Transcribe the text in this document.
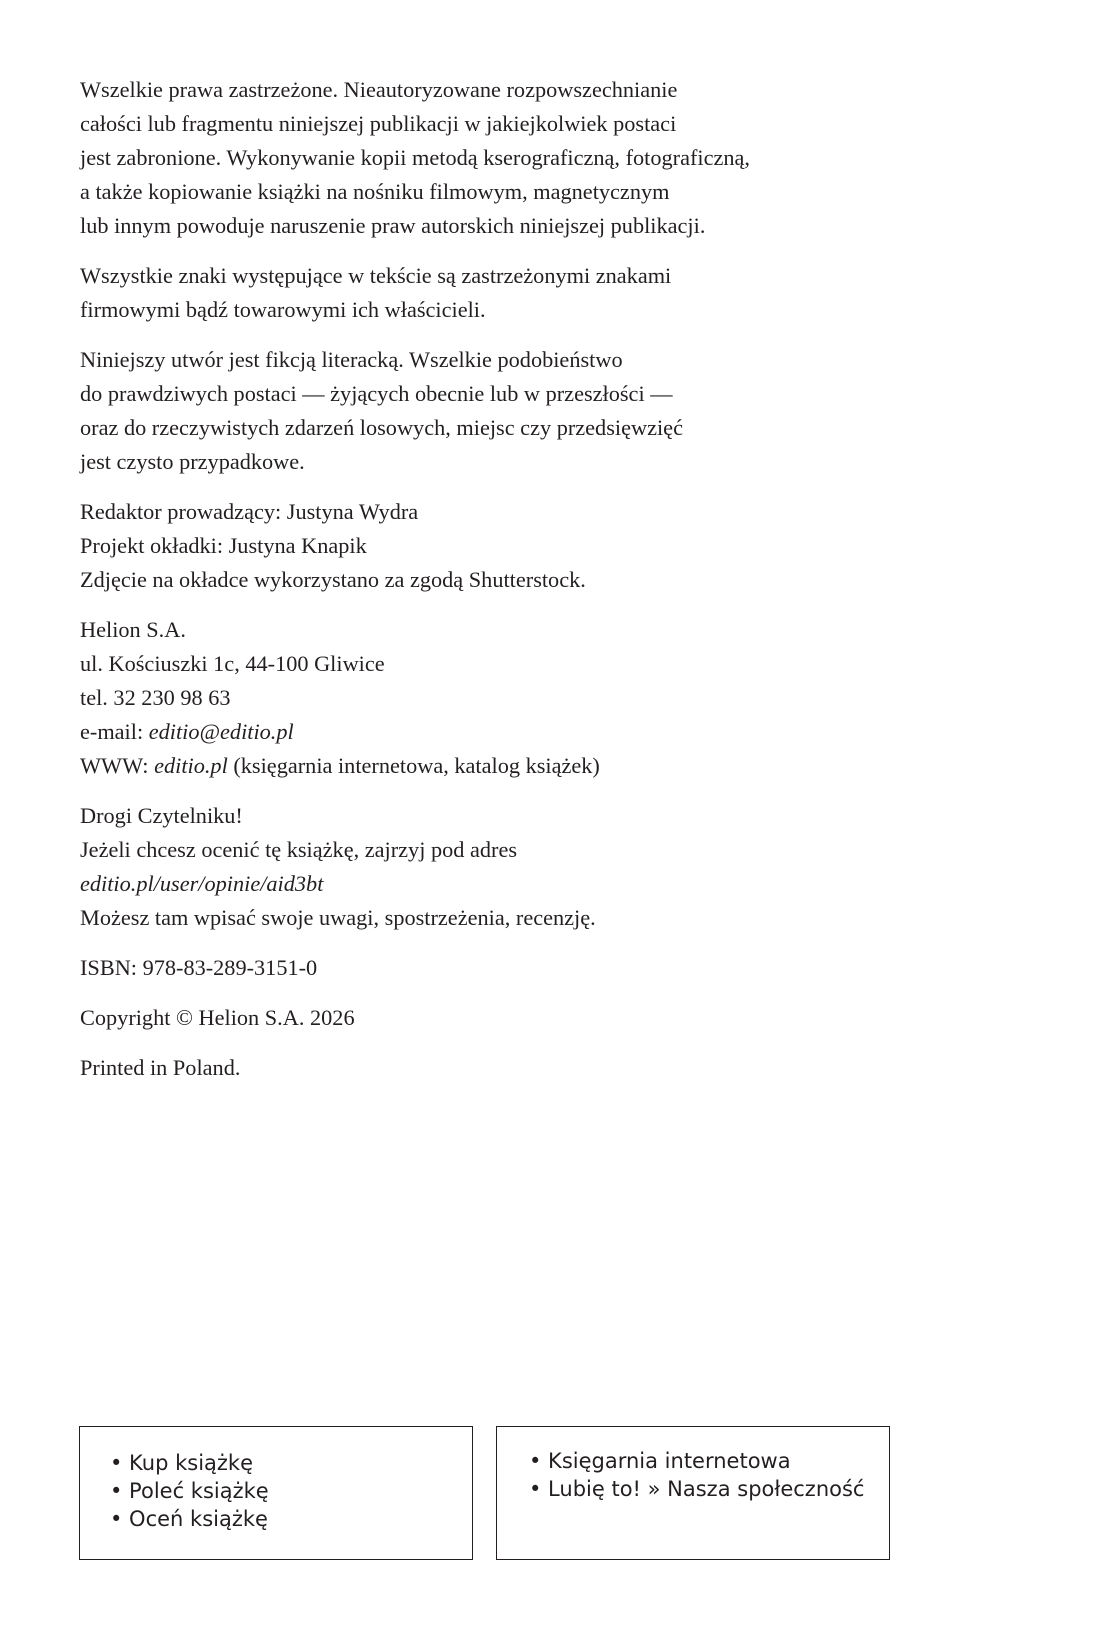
Wszelkie prawa zastrzeżone. Nieautoryzowane rozpowszechnianie
całości lub fragmentu niniejszej publikacji w jakiejkolwiek postaci
jest zabronione. Wykonywanie kopii metodą kserograficzną, fotograficzną,
a także kopiowanie książki na nośniku filmowym, magnetycznym
lub innym powoduje naruszenie praw autorskich niniejszej publikacji.

Wszystkie znaki występujące w tekście są zastrzeżonymi znakami
firmowymi bądź towarowymi ich właścicieli.

Niniejszy utwór jest fikcją literacką. Wszelkie podobieństwo
do prawdziwych postaci — żyjących obecnie lub w przeszłości —
oraz do rzeczywistych zdarzeń losowych, miejsc czy przedsięwzięć
jest czysto przypadkowe.

Redaktor prowadzący: Justyna Wydra
Projekt okładki: Justyna Knapik
Zdjęcie na okładce wykorzystano za zgodą Shutterstock.

Helion S.A.
ul. Kościuszki 1c, 44-100 Gliwice
tel. 32 230 98 63
e-mail: editio@editio.pl
WWW: editio.pl (księgarnia internetowa, katalog książek)

Drogi Czytelniku!
Jeżeli chcesz ocenić tę książkę, zajrzyj pod adres
editio.pl/user/opinie/aid3bt
Możesz tam wpisać swoje uwagi, spostrzeżenia, recenzję.

ISBN: 978-83-289-3151-0

Copyright © Helion S.A. 2026

Printed in Poland.

• Kup książkę
• Poleć książkę
• Oceń książkę
• Księgarnia internetowa
• Lubię to! » Nasza społeczność
